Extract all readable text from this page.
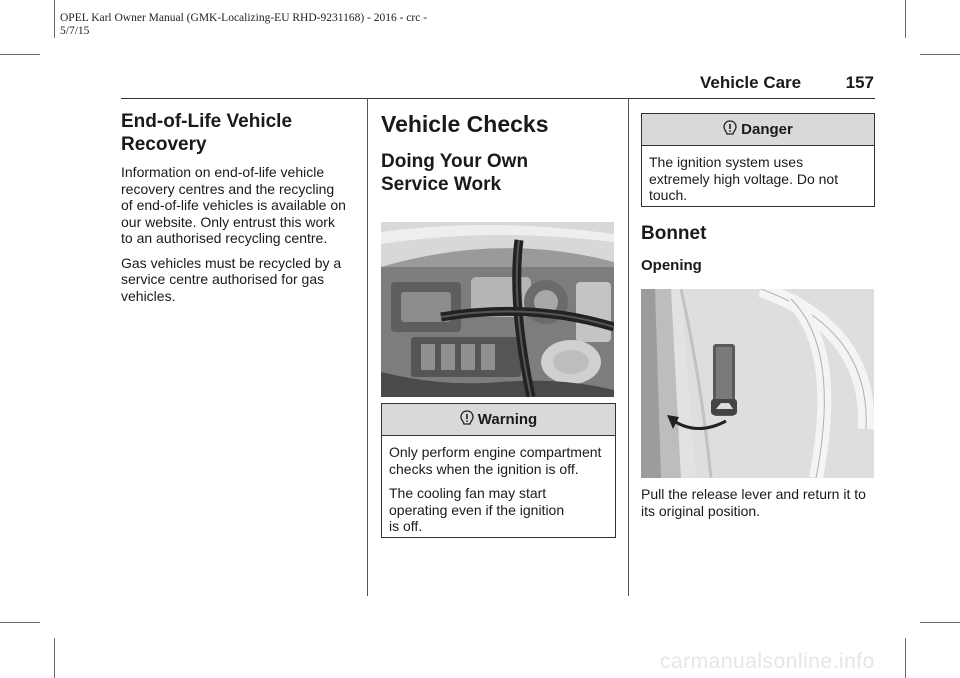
OPEL Karl Owner Manual (GMK-Localizing-EU RHD-9231168) - 2016 - crc -
5/7/15
Vehicle Care	157
End-of-Life Vehicle
Recovery

Information on end-of-life vehicle
recovery centres and the recycling
of end-of-life vehicles is available on
our website. Only entrust this work
to an authorised recycling centre.

Gas vehicles must be recycled by a
service centre authorised for gas
vehicles.

Vehicle Checks
Doing Your Own
Service Work
Warning

Only perform engine compartment
checks when the ignition is off.

The cooling fan may start
operating even if the ignition
is off.

Danger

The ignition system uses
extremely high voltage. Do not
touch.

Bonnet
Opening

Pull the release lever and return it to
its original position.

carmanualsonline.info
